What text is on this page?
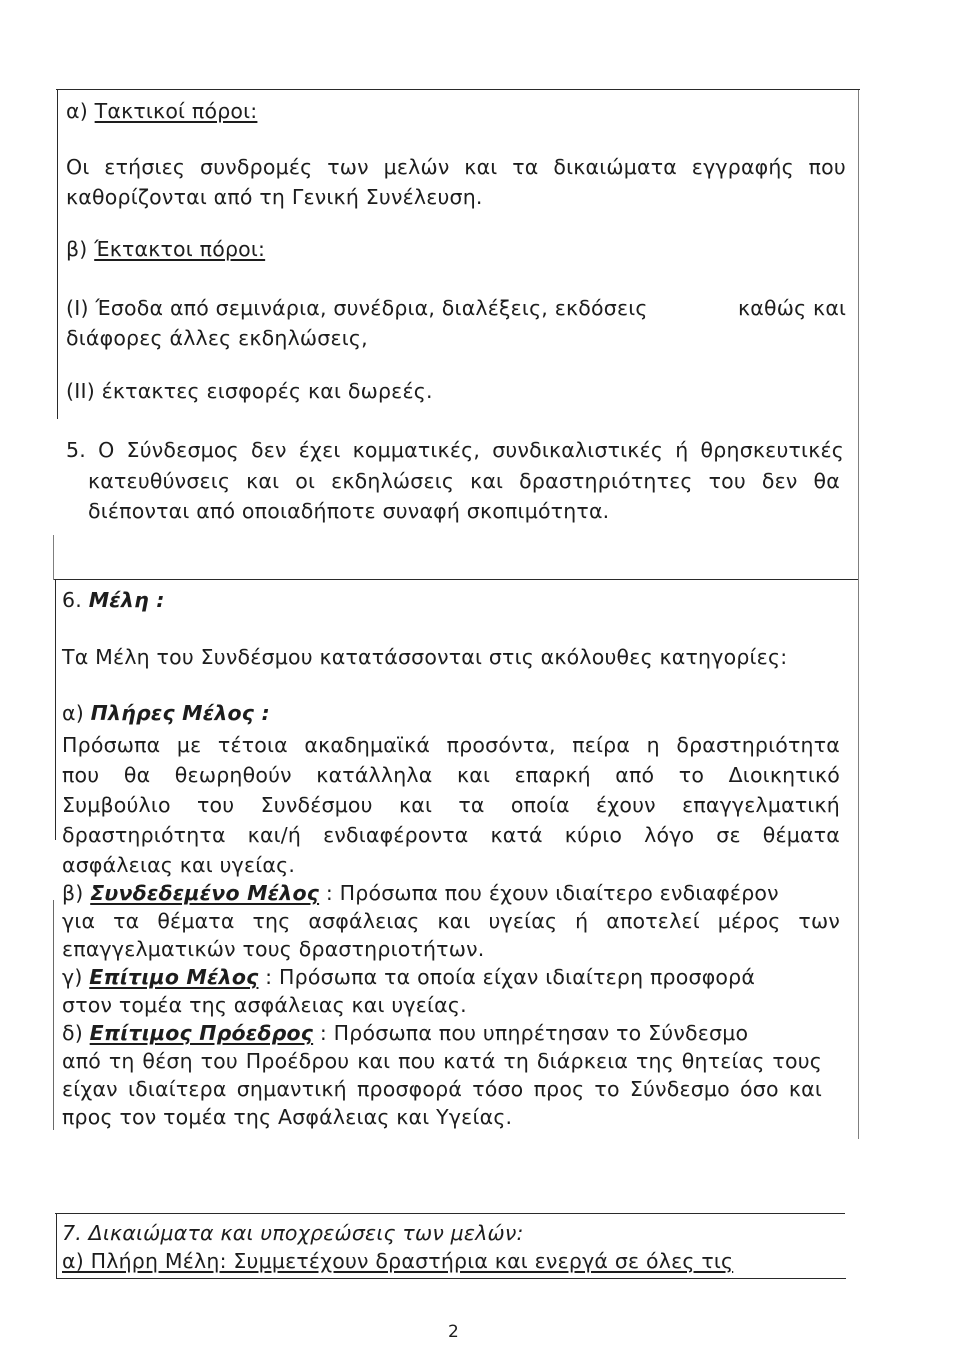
α) Τακτικοί πόροι:
Οι ετήσιες συνδρομές των μελών και τα δικαιώματα εγγραφής που
καθορίζονται από τη Γενική Συνέλευση.
β) Έκτακτοι πόροι:
(Ι) Έσοδα από σεμινάρια, συνέδρια, διαλέξεις, εκδόσεις	καθώς και
διάφορες άλλες εκδηλώσεις,
(ΙΙ) έκτακτες εισφορές και δωρεές.
5. Ο Σύνδεσμος δεν έχει κομματικές, συνδικαλιστικές ή θρησκευτικές
κατευθύνσεις και οι εκδηλώσεις και δραστηριότητες του δεν θα
διέπονται από οποιαδήποτε συναφή σκοπιμότητα.
6. Μέλη :
Τα Μέλη του Συνδέσμου κατατάσσονται στις ακόλουθες κατηγορίες:
α) Πλήρες Μέλος :
Πρόσωπα με τέτοια ακαδημαϊκά προσόντα, πείρα η δραστηριότητα
που θα θεωρηθούν κατάλληλα και επαρκή από το Διοικητικό
Συμβούλιο του Συνδέσμου και τα οποία έχουν επαγγελματική
δραστηριότητα και/ή ενδιαφέροντα κατά κύριο λόγο σε θέματα
ασφάλειας και υγείας.
β) Συνδεδεμένο Μέλος : Πρόσωπα που έχουν ιδιαίτερο ενδιαφέρον
για τα θέματα της ασφάλειας και υγείας ή αποτελεί μέρος των
επαγγελματικών τους δραστηριοτήτων.
γ) Επίτιμο Μέλος : Πρόσωπα τα οποία είχαν ιδιαίτερη προσφορά
στον τομέα της ασφάλειας και υγείας.
δ) Επίτιμος Πρόεδρος : Πρόσωπα που υπηρέτησαν το Σύνδεσμο
από τη θέση του Προέδρου και που κατά τη διάρκεια της θητείας τους
είχαν ιδιαίτερα σημαντική προσφορά τόσο προς το Σύνδεσμο όσο και
προς τον τομέα της Ασφάλειας και Υγείας.
7. Δικαιώματα και υποχρεώσεις των μελών:
α) Πλήρη Μέλη: Συμμετέχουν δραστήρια και ενεργά σε όλες τις
2
